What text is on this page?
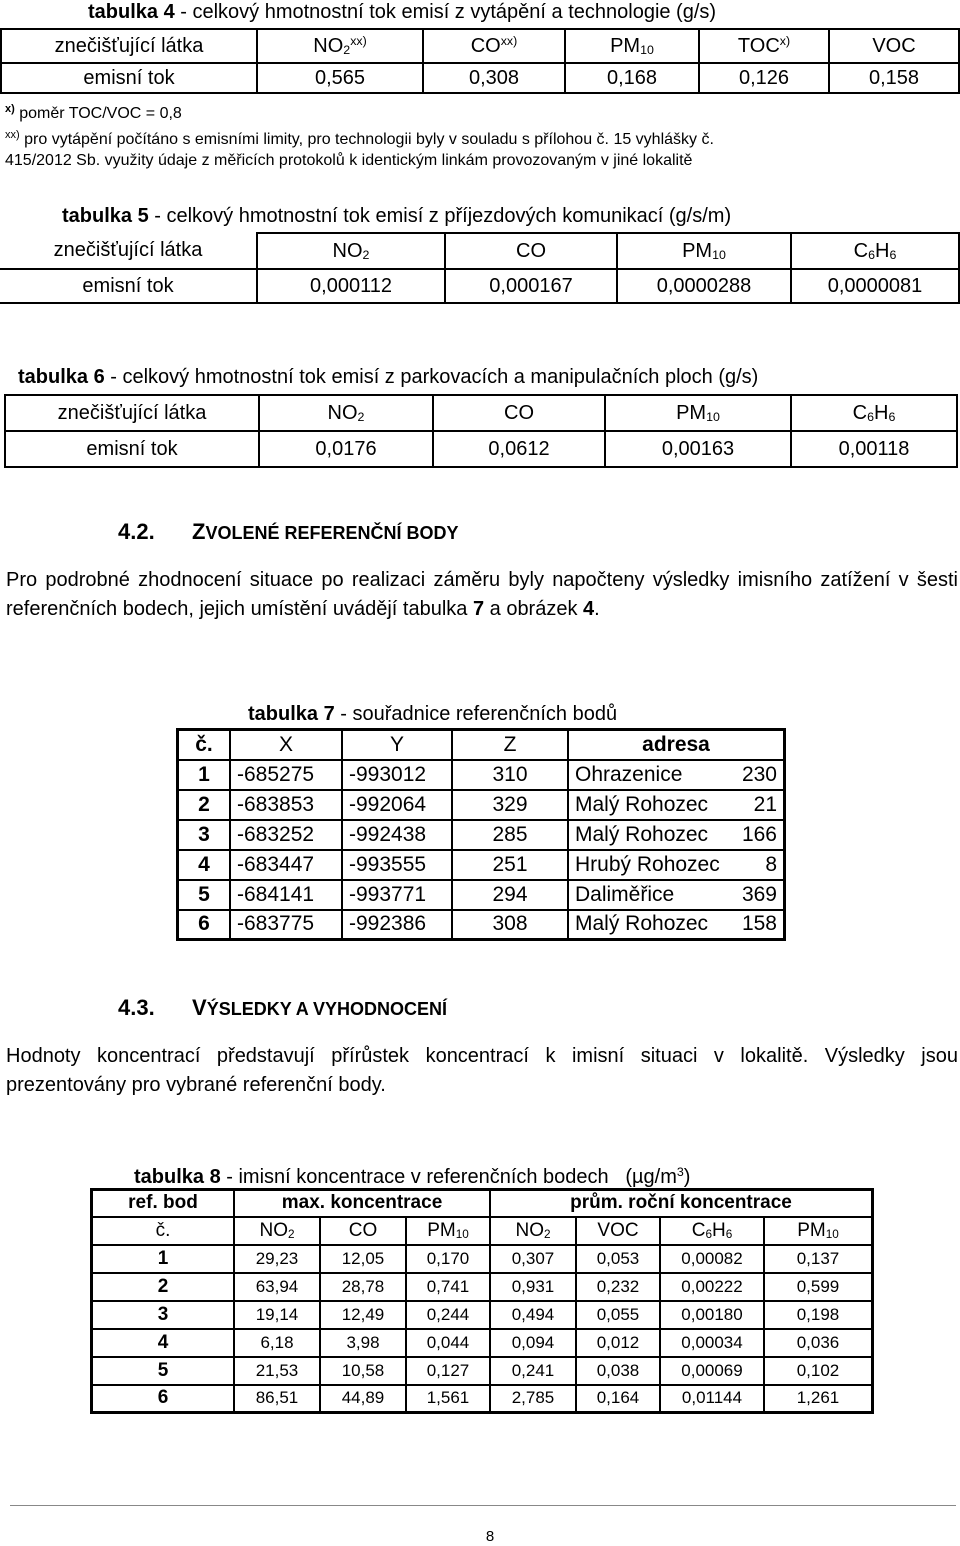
tabulka 4 - celkový hmotnostní tok emisí z vytápění a technologie (g/s)
znečišťující látka	$NO_2^{xx)}$	CO$^{xx)}$	$PM_{10}$	TOC$^{x)}$	VOC
emisní tok	0,565	0,308	0,168	0,126	0,158
$^{x)}$ poměr TOC/VOC = 0,8
$^{xx)}$ pro vytápění počítáno s emisními limity, pro technologii byly v souladu s přílohou č. 15 vyhlášky č.
415/2012 Sb. využity údaje z měřicích protokolů k identickým linkám provozovaným v jiné lokalitě
tabulka 5 - celkový hmotnostní tok emisí z příjezdových komunikací (g/s/m)
znečišťující látka	$NO_2$	CO	$PM_{10}$	$C_6H_6$
emisní tok	0,000112	0,000167	0,0000288	0,0000081
tabulka 6 - celkový hmotnostní tok emisí z parkovacích a manipulačních ploch (g/s)
znečišťující látka	$NO_2$	CO	$PM_{10}$	$C_6H_6$
emisní tok	0,0176	0,0612	0,00163	0,00118
4.2. ZVOLENÉ REFERENČNÍ BODY
Pro podrobné zhodnocení situace po realizaci záměru byly napočteny výsledky imisního zatížení v šesti referenčních bodech, jejich umístění uvádějí tabulka 7 a obrázek 4.
tabulka 7 - souřadnice referenčních bodů
č.	X	Y	Z	adresa	
1	-685275	-993012	310	Ohrazenice	230
2	-683853	-992064	329	Malý Rohozec	21
3	-683252	-992438	285	Malý Rohozec	166
4	-683447	-993555	251	Hrubý Rohozec	8
5	-684141	-993771	294	Daliměřice	369
6	-683775	-992386	308	Malý Rohozec	158
4.3. VÝSLEDKY A VYHODNOCENÍ
Hodnoty koncentrací představují přírůstek koncentrací k imisní situaci v lokalitě. Výsledky jsou prezentovány pro vybrané referenční body.
tabulka 8 - imisní koncentrace v referenčních bodech   $(\mu g/m^3)$
ref. bod	max. koncentrace			prům. roční koncentrace			
č.	$NO_2$	CO	$PM_{10}$	$NO_2$	VOC	$C_6H_6$	$PM_{10}$
1	29,23	12,05	0,170	0,307	0,053	0,00082	0,137
2	63,94	28,78	0,741	0,931	0,232	0,00222	0,599
3	19,14	12,49	0,244	0,494	0,055	0,00180	0,198
4	6,18	3,98	0,044	0,094	0,012	0,00034	0,036
5	21,53	10,58	0,127	0,241	0,038	0,00069	0,102
6	86,51	44,89	1,561	2,785	0,164	0,01144	1,261
8
